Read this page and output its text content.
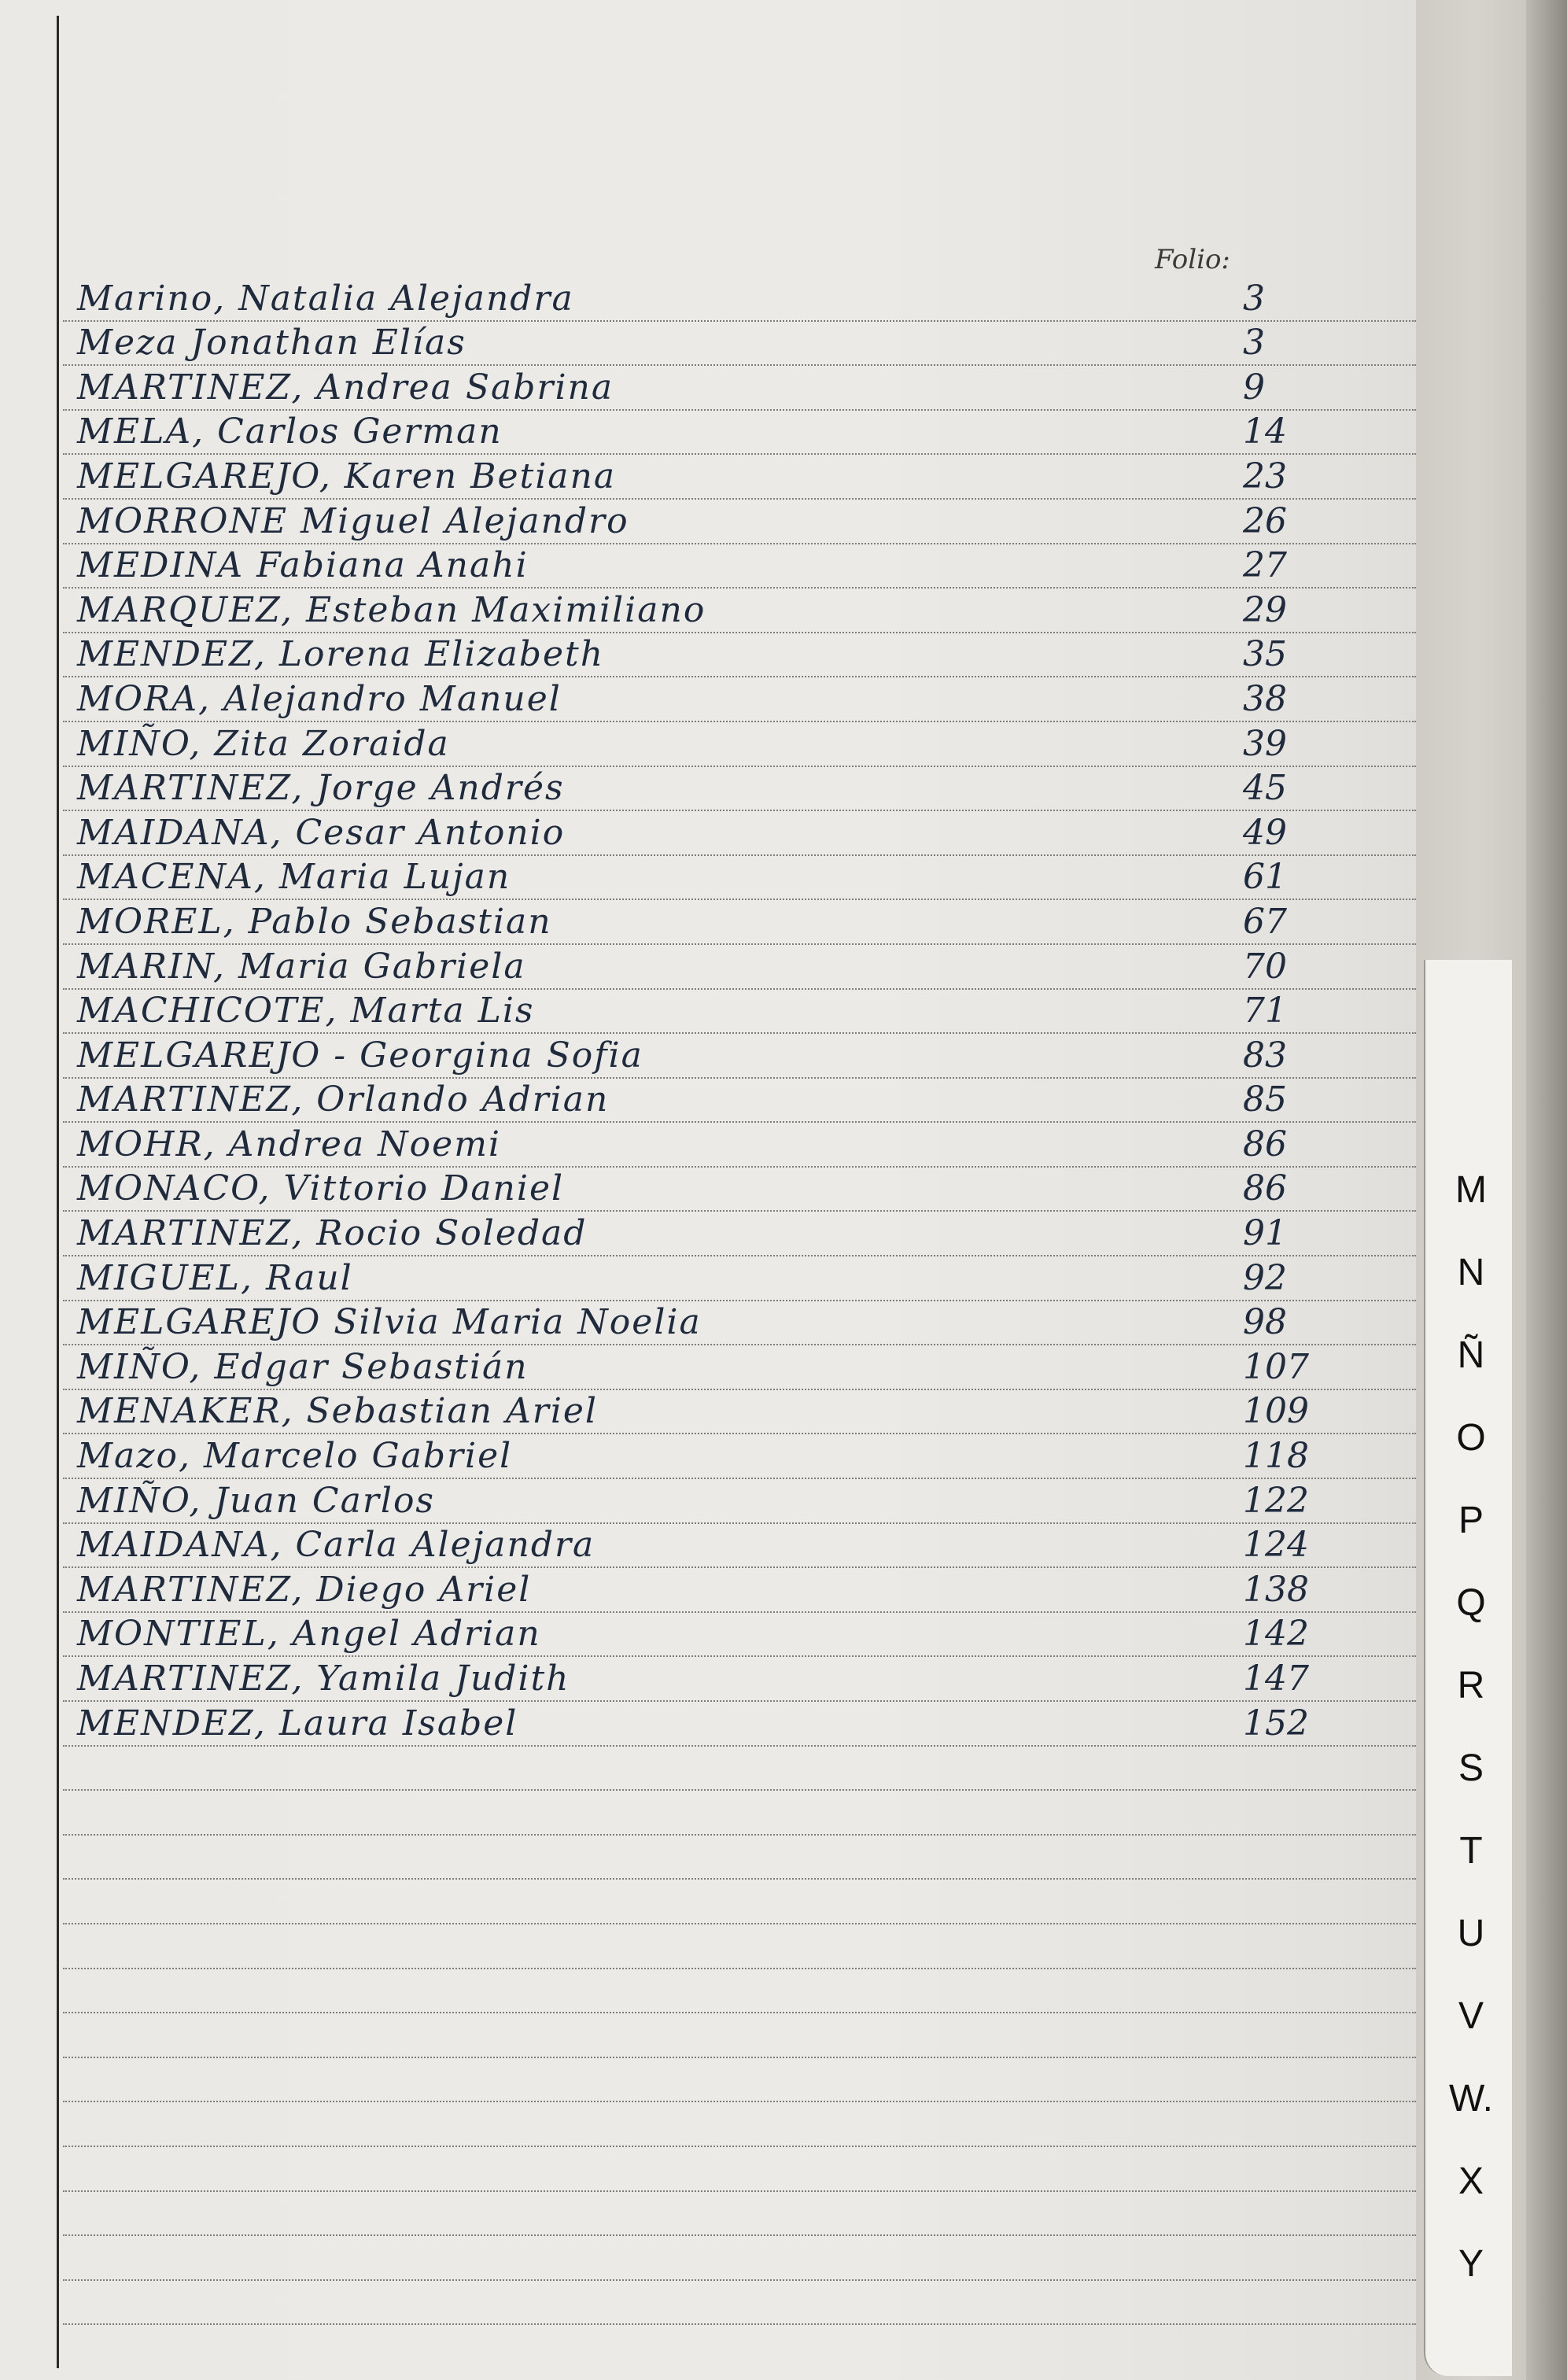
Folio:
Marino, Natalia Alejandra	3
Meza Jonathan Elías	3
MARTINEZ, Andrea Sabrina	9
MELA, Carlos German	14
MELGAREJO, Karen Betiana	23
MORRONE Miguel Alejandro	26
MEDINA Fabiana Anahi	27
MARQUEZ, Esteban Maximiliano	29
MENDEZ, Lorena Elizabeth	35
MORA, Alejandro Manuel	38
MIÑO, Zita Zoraida	39
MARTINEZ, Jorge Andrés	45
MAIDANA, Cesar Antonio	49
MACENA, Maria Lujan	61
MOREL, Pablo Sebastian	67
MARIN, Maria Gabriela	70
MACHICOTE, Marta Lis	71
MELGAREJO - Georgina Sofia	83
MARTINEZ, Orlando Adrian	85
MOHR, Andrea Noemi	86
MONACO, Vittorio Daniel	86
MARTINEZ, Rocio Soledad	91
MIGUEL, Raul	92
MELGAREJO Silvia Maria Noelia	98
MIÑO, Edgar Sebastián	107
MENAKER, Sebastian Ariel	109
Mazo, Marcelo Gabriel	118
MIÑO, Juan Carlos	122
MAIDANA, Carla Alejandra	124
MARTINEZ, Diego Ariel	138
MONTIEL, Angel Adrian	142
MARTINEZ, Yamila Judith	147
MENDEZ, Laura Isabel	152
M
N
Ñ
O
P
Q
R
S
T
U
V
W.
X
Y
